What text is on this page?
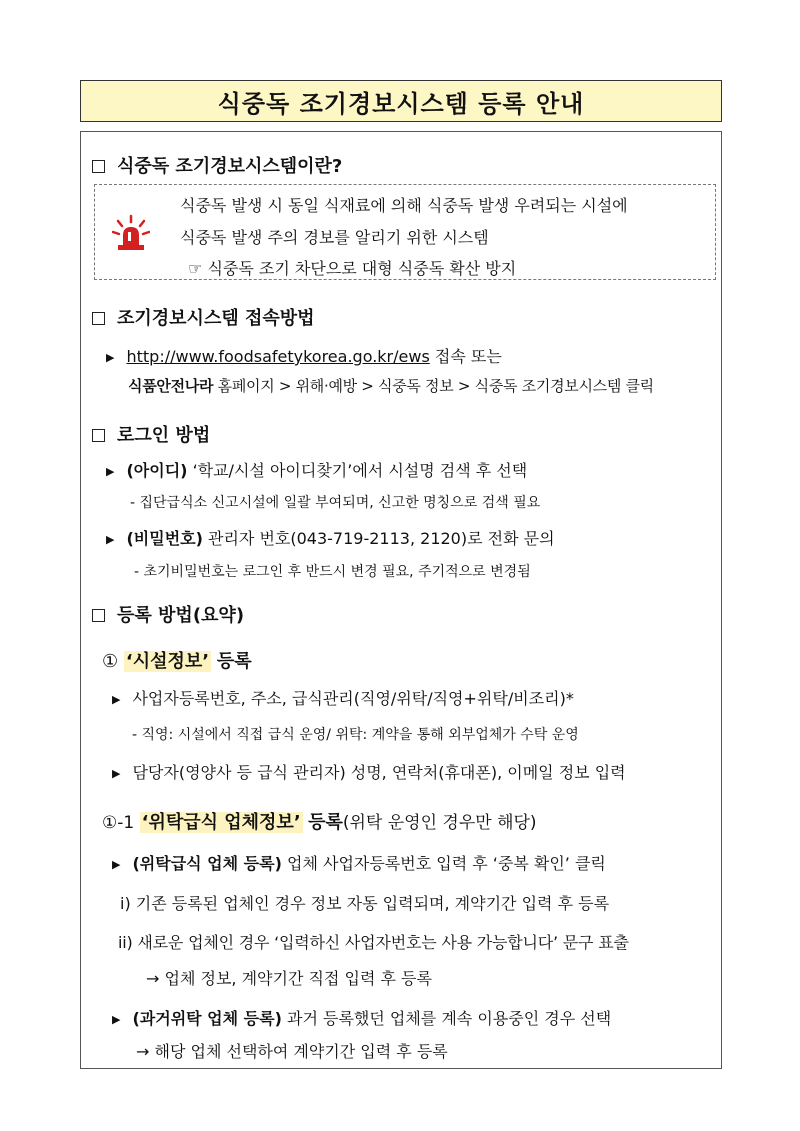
식중독 조기경보시스템 등록 안내
식중독 조기경보시스템이란?
식중독 발생 시 동일 식재료에 의해 식중독 발생 우려되는 시설에
식중독 발생 주의 경보를 알리기 위한 시스템
☞ 식중독 조기 차단으로 대형 식중독 확산 방지
조기경보시스템 접속방법
▶ http://www.foodsafetykorea.go.kr/ews 접속 또는
식품안전나라 홈페이지 > 위해·예방 > 식중독 정보 > 식중독 조기경보시스템 클릭
로그인 방법
▶ (아이디) ‘학교/시설 아이디찾기’에서 시설명 검색 후 선택
- 집단급식소 신고시설에 일괄 부여되며, 신고한 명칭으로 검색 필요
▶ (비밀번호) 관리자 번호(043-719-2113, 2120)로 전화 문의
- 초기비밀번호는 로그인 후 반드시 변경 필요, 주기적으로 변경됨
등록 방법(요약)
① ‘시설정보’ 등록
▶ 사업자등록번호, 주소, 급식관리(직영/위탁/직영+위탁/비조리)*
- 직영: 시설에서 직접 급식 운영/ 위탁: 계약을 통해 외부업체가 수탁 운영
▶ 담당자(영양사 등 급식 관리자) 성명, 연락처(휴대폰), 이메일 정보 입력
①-1 ‘위탁급식 업체정보’ 등록(위탁 운영인 경우만 해당)
▶ (위탁급식 업체 등록) 업체 사업자등록번호 입력 후 ‘중복 확인’ 클릭
i) 기존 등록된 업체인 경우 정보 자동 입력되며, 계약기간 입력 후 등록
ii) 새로운 업체인 경우 ‘입력하신 사업자번호는 사용 가능합니다’ 문구 표출
→ 업체 정보, 계약기간 직접 입력 후 등록
▶ (과거위탁 업체 등록) 과거 등록했던 업체를 계속 이용중인 경우 선택
→ 해당 업체 선택하여 계약기간 입력 후 등록
